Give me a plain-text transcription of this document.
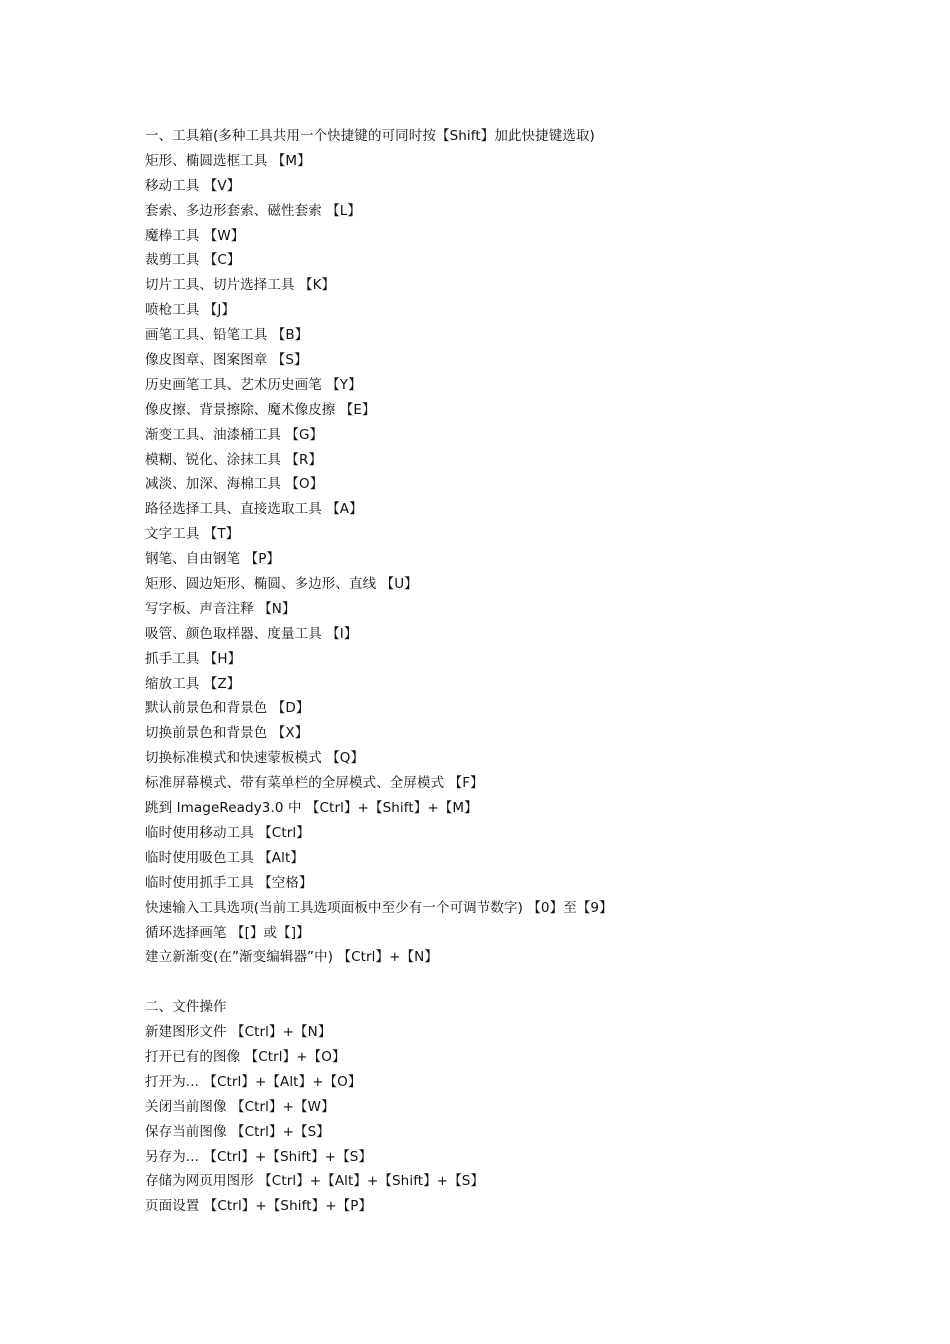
一、工具箱(多种工具共用一个快捷键的可同时按【Shift】加此快捷键选取)
矩形、椭圆选框工具 【M】
移动工具 【V】
套索、多边形套索、磁性套索 【L】
魔棒工具 【W】
裁剪工具 【C】
切片工具、切片选择工具 【K】
喷枪工具 【J】
画笔工具、铅笔工具 【B】
像皮图章、图案图章 【S】
历史画笔工具、艺术历史画笔 【Y】
像皮擦、背景擦除、魔术像皮擦 【E】
渐变工具、油漆桶工具 【G】
模糊、锐化、涂抹工具 【R】
减淡、加深、海棉工具 【O】
路径选择工具、直接选取工具 【A】
文字工具 【T】
钢笔、自由钢笔 【P】
矩形、圆边矩形、椭圆、多边形、直线 【U】
写字板、声音注释 【N】
吸管、颜色取样器、度量工具 【I】
抓手工具 【H】
缩放工具 【Z】
默认前景色和背景色 【D】
切换前景色和背景色 【X】
切换标准模式和快速蒙板模式 【Q】
标准屏幕模式、带有菜单栏的全屏模式、全屏模式 【F】
跳到 ImageReady3.0 中 【Ctrl】+【Shift】+【M】
临时使用移动工具 【Ctrl】
临时使用吸色工具 【Alt】
临时使用抓手工具 【空格】
快速输入工具选项(当前工具选项面板中至少有一个可调节数字) 【0】至【9】
循环选择画笔 【[】或【]】
建立新渐变(在”渐变编辑器”中) 【Ctrl】+【N】
二、文件操作
新建图形文件 【Ctrl】+【N】
打开已有的图像 【Ctrl】+【O】
打开为... 【Ctrl】+【Alt】+【O】
关闭当前图像 【Ctrl】+【W】
保存当前图像 【Ctrl】+【S】
另存为... 【Ctrl】+【Shift】+【S】
存储为网页用图形 【Ctrl】+【Alt】+【Shift】+【S】
页面设置 【Ctrl】+【Shift】+【P】
